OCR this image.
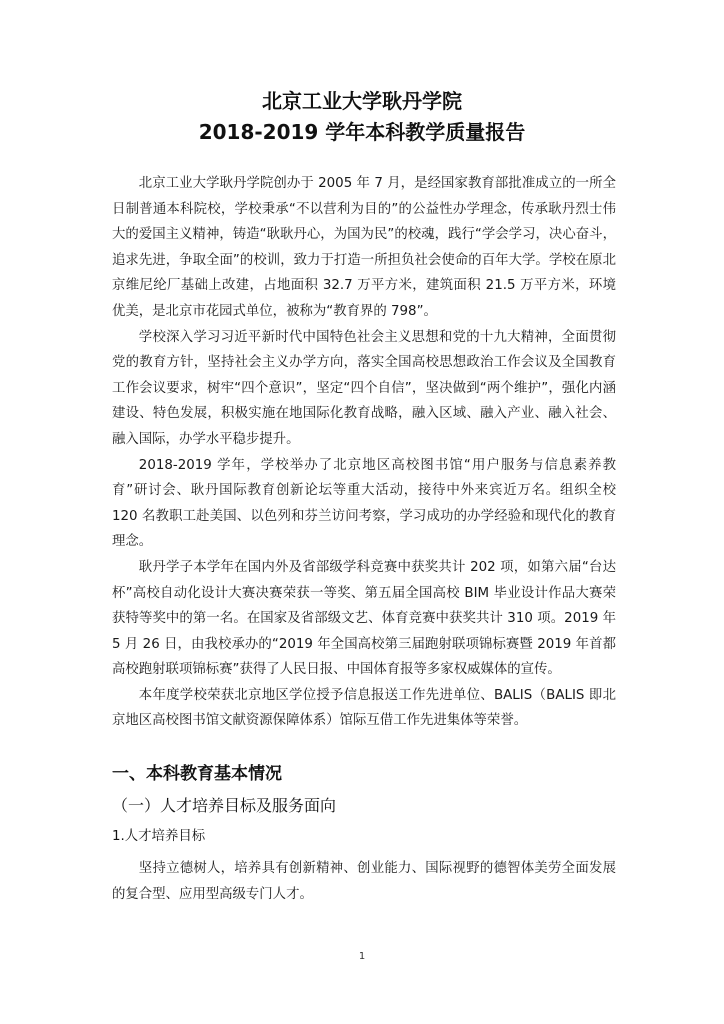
北京工业大学耿丹学院
2018-2019 学年本科教学质量报告

北京工业大学耿丹学院创办于 2005 年 7 月，是经国家教育部批准成立的一所全日制普通本科院校，学校秉承“不以营利为目的”的公益性办学理念，传承耿丹烈士伟大的爱国主义精神，铸造“耿耿丹心，为国为民”的校魂，践行“学会学习，决心奋斗，追求先进，争取全面”的校训，致力于打造一所担负社会使命的百年大学。学校在原北京维尼纶厂基础上改建，占地面积 32.7 万平方米，建筑面积 21.5 万平方米，环境优美，是北京市花园式单位，被称为“教育界的 798”。

学校深入学习习近平新时代中国特色社会主义思想和党的十九大精神，全面贯彻党的教育方针，坚持社会主义办学方向，落实全国高校思想政治工作会议及全国教育工作会议要求，树牢“四个意识”，坚定“四个自信”，坚决做到“两个维护”，强化内涵建设、特色发展，积极实施在地国际化教育战略，融入区域、融入产业、融入社会、融入国际，办学水平稳步提升。

2018-2019 学年，学校举办了北京地区高校图书馆“用户服务与信息素养教育”研讨会、耿丹国际教育创新论坛等重大活动，接待中外来宾近万名。组织全校 120 名教职工赴美国、以色列和芬兰访问考察，学习成功的办学经验和现代化的教育理念。

耿丹学子本学年在国内外及省部级学科竞赛中获奖共计 202 项，如第六届“台达杯”高校自动化设计大赛决赛荣获一等奖、第五届全国高校 BIM 毕业设计作品大赛荣获特等奖中的第一名。在国家及省部级文艺、体育竞赛中获奖共计 310 项。2019 年 5 月 26 日，由我校承办的“2019 年全国高校第三届跑射联项锦标赛暨 2019 年首都高校跑射联项锦标赛”获得了人民日报、中国体育报等多家权威媒体的宣传。

本年度学校荣获北京地区学位授予信息报送工作先进单位、BALIS（BALIS 即北京地区高校图书馆文献资源保障体系）馆际互借工作先进集体等荣誉。

一、本科教育基本情况
（一）人才培养目标及服务面向
1.人才培养目标

坚持立德树人，培养具有创新精神、创业能力、国际视野的德智体美劳全面发展的复合型、应用型高级专门人才。

1
